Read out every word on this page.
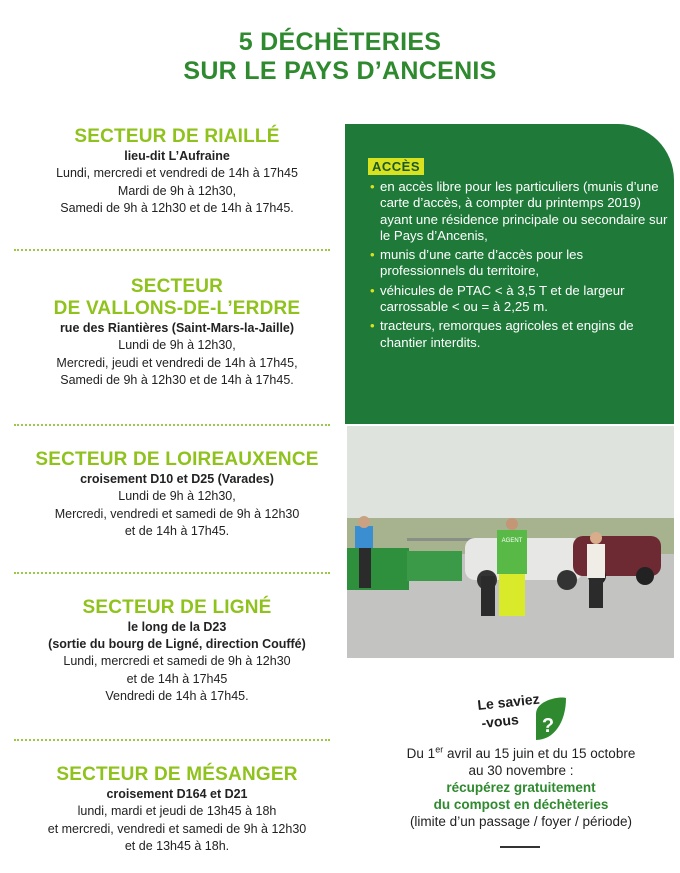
5 DÉCHÈTERIES
SUR LE PAYS D’ANCENIS
SECTEUR DE RIAILLÉ
lieu-dit L’Aufraine
Lundi, mercredi et vendredi de 14h à 17h45
Mardi de 9h à 12h30,
Samedi de 9h à 12h30 et de 14h à 17h45.
SECTEUR
DE VALLONS-DE-L’ERDRE
rue des Riantières (Saint-Mars-la-Jaille)
Lundi de 9h à 12h30,
Mercredi, jeudi et vendredi de 14h à 17h45,
Samedi de 9h à 12h30 et de 14h à 17h45.
SECTEUR DE LOIREAUXENCE
croisement D10 et D25 (Varades)
Lundi de 9h à 12h30,
Mercredi, vendredi et samedi de 9h à 12h30
et de 14h à 17h45.
SECTEUR DE LIGNÉ
le long de la D23
(sortie du bourg de Ligné, direction Couffé)
Lundi, mercredi et samedi de 9h à 12h30
et de 14h à 17h45
Vendredi de 14h à 17h45.
SECTEUR DE MÉSANGER
croisement D164 et D21
lundi, mardi et jeudi de 13h45 à 18h
et mercredi, vendredi et samedi de 9h à 12h30
et de 13h45 à 18h.
ACCÈS
• en accès libre pour les particuliers (munis d’une carte d’accès, à compter du printemps 2019) ayant une résidence principale ou secondaire sur le Pays d’Ancenis,
• munis d’une carte d’accès pour les professionnels du territoire,
• véhicules de PTAC < à 3,5 T et de largeur carrossable < ou = à 2,25 m.
• tracteurs, remorques agricoles et engins de chantier interdits.
AGENT
Le saviez
-vous ?
Du 1er avril au 15 juin et du 15 octobre
au 30 novembre :
récupérez gratuitement
du compost en déchèteries
(limite d’un passage / foyer / période)
